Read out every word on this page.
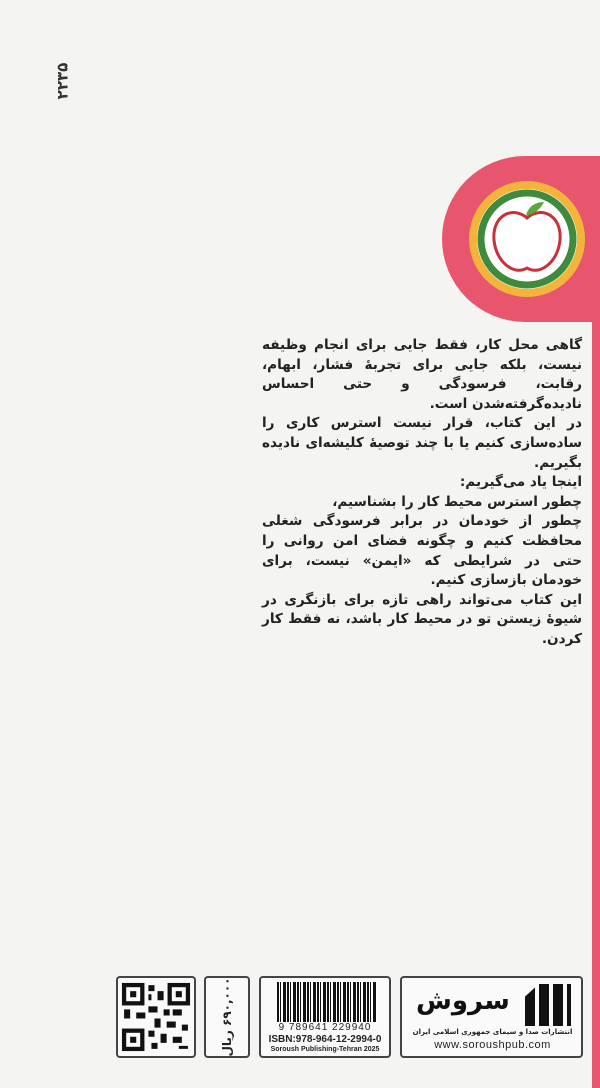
۲۲۳۵

گاهی محل کار، فقط جایی برای انجام وظیفه نیست، بلکه جایی برای تجربهٔ فشار، ابهام، رقابت، فرسودگی و حتی احساس نادیده‌گرفته‌شدن است.

در این کتاب، قرار نیست استرس کاری را ساده‌سازی کنیم یا با چند توصیهٔ کلیشه‌ای نادیده بگیریم.

اینجا یاد می‌گیریم:

چطور استرس محیط کار را بشناسیم،

چطور از خودمان در برابر فرسودگی شغلی محافظت کنیم و چگونه فضای امن روانی را حتی در شرایطی که «ایمن» نیست، برای خودمان بازسازی کنیم.

این کتاب می‌تواند راهی تازه برای بازنگری در شیوهٔ زیستن تو در محیط کار باشد، نه فقط کار کردن.

۶۹۰,۰۰۰ ریال
9 789641 229940
ISBN:978-964-12-2994-0
Soroush Publishing-Tehran 2025
سروش
انتشارات صدا و سیمای جمهوری اسلامی ایران
www.soroushpub.com
